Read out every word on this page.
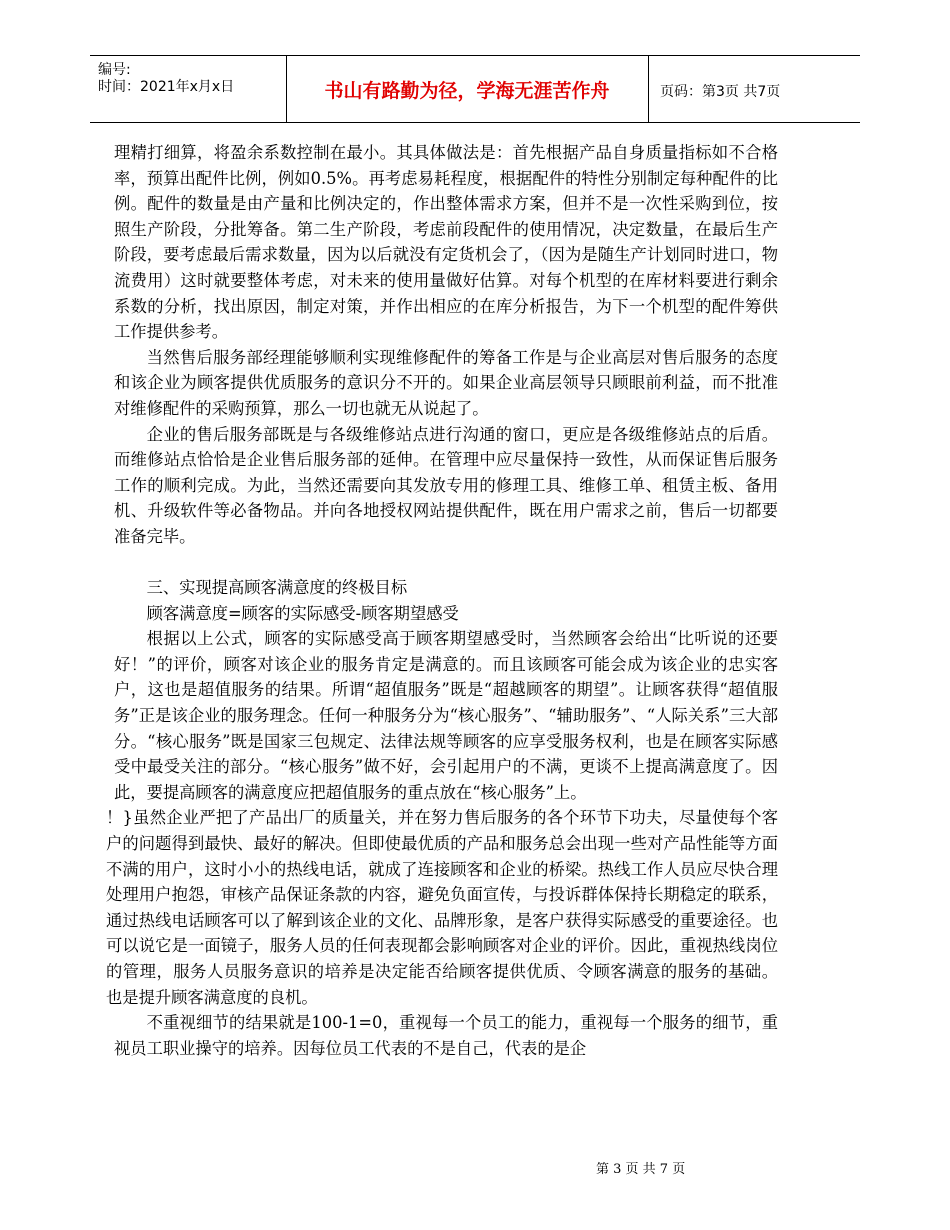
编号:
时间：2021年x月x日	书山有路勤为径，学海无涯苦作舟	页码：第3页 共7页

理精打细算，将盈余系数控制在最小。其具体做法是：首先根据产品自身质量指标如不合格率，预算出配件比例，例如0.5%。再考虑易耗程度，根据配件的特性分别制定每种配件的比例。配件的数量是由产量和比例决定的，作出整体需求方案，但并不是一次性采购到位，按照生产阶段，分批筹备。第二生产阶段，考虑前段配件的使用情况，决定数量，在最后生产阶段，要考虑最后需求数量，因为以后就没有定货机会了，（因为是随生产计划同时进口，物流费用）这时就要整体考虑，对未来的使用量做好估算。对每个机型的在库材料要进行剩余系数的分析，找出原因，制定对策，并作出相应的在库分析报告，为下一个机型的配件筹供工作提供参考。

当然售后服务部经理能够顺利实现维修配件的筹备工作是与企业高层对售后服务的态度和该企业为顾客提供优质服务的意识分不开的。如果企业高层领导只顾眼前利益，而不批准对维修配件的采购预算，那么一切也就无从说起了。

企业的售后服务部既是与各级维修站点进行沟通的窗口，更应是各级维修站点的后盾。而维修站点恰恰是企业售后服务部的延伸。在管理中应尽量保持一致性，从而保证售后服务工作的顺利完成。为此，当然还需要向其发放专用的修理工具、维修工单、租赁主板、备用机、升级软件等必备物品。并向各地授权网站提供配件，既在用户需求之前，售后一切都要准备完毕。

三、实现提高顾客满意度的终极目标

顾客满意度=顾客的实际感受-顾客期望感受

根据以上公式，顾客的实际感受高于顾客期望感受时，当然顾客会给出“比听说的还要好！”的评价，顾客对该企业的服务肯定是满意的。而且该顾客可能会成为该企业的忠实客户，这也是超值服务的结果。所谓“超值服务”既是“超越顾客的期望”。让顾客获得“超值服务”正是该企业的服务理念。任何一种服务分为“核心服务”、“辅助服务”、“人际关系”三大部分。“核心服务”既是国家三包规定、法律法规等顾客的应享受服务权利，也是在顾客实际感受中最受关注的部分。“核心服务”做不好，会引起用户的不满，更谈不上提高满意度了。因此，要提高顾客的满意度应把超值服务的重点放在“核心服务”上。

！}虽然企业严把了产品出厂的质量关，并在努力售后服务的各个环节下功夫，尽量使每个客户的问题得到最快、最好的解决。但即使最优质的产品和服务总会出现一些对产品性能等方面不满的用户，这时小小的热线电话，就成了连接顾客和企业的桥梁。热线工作人员应尽快合理处理用户抱怨，审核产品保证条款的内容，避免负面宣传，与投诉群体保持长期稳定的联系，通过热线电话顾客可以了解到该企业的文化、品牌形象，是客户获得实际感受的重要途径。也可以说它是一面镜子，服务人员的任何表现都会影响顾客对企业的评价。因此，重视热线岗位的管理，服务人员服务意识的培养是决定能否给顾客提供优质、令顾客满意的服务的基础。 也是提升顾客满意度的良机。

不重视细节的结果就是100-1=0，重视每一个员工的能力，重视每一个服务的细节，重视员工职业操守的培养。因每位员工代表的不是自己，代表的是企

第 3 页 共 7 页
